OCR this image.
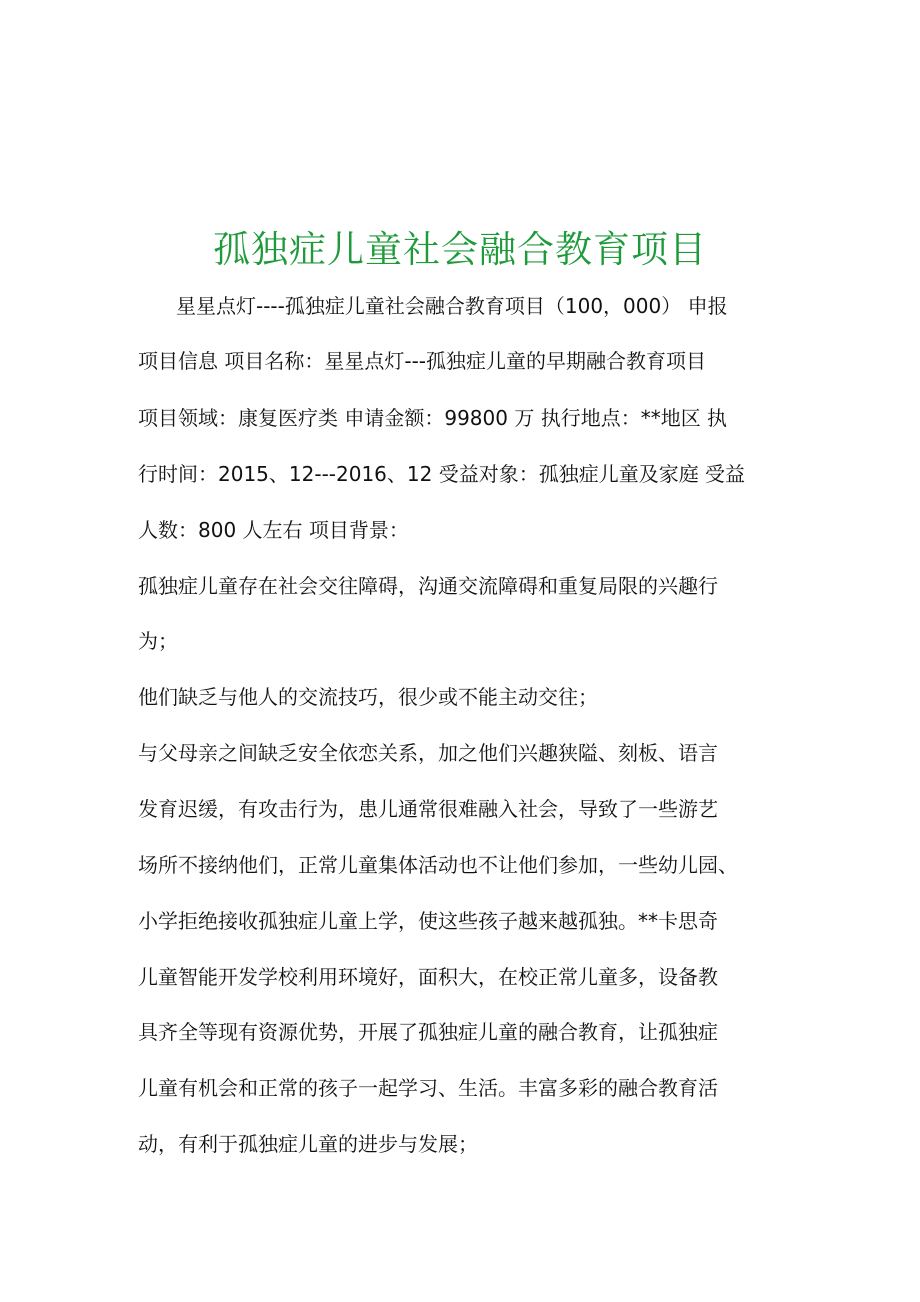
孤独症儿童社会融合教育项目

星星点灯----孤独症儿童社会融合教育项目（100，000） 申报

项目信息 项目名称：星星点灯---孤独症儿童的早期融合教育项目

项目领域：康复医疗类 申请金额：99800 万 执行地点：**地区 执

行时间：2015、12---2016、12 受益对象：孤独症儿童及家庭 受益

人数：800 人左右 项目背景：

孤独症儿童存在社会交往障碍，沟通交流障碍和重复局限的兴趣行

为；

他们缺乏与他人的交流技巧，很少或不能主动交往；

与父母亲之间缺乏安全依恋关系，加之他们兴趣狭隘、刻板、语言

发育迟缓，有攻击行为，患儿通常很难融入社会，导致了一些游艺

场所不接纳他们，正常儿童集体活动也不让他们参加，一些幼儿园、

小学拒绝接收孤独症儿童上学，使这些孩子越来越孤独。**卡思奇

儿童智能开发学校利用环境好，面积大，在校正常儿童多，设备教

具齐全等现有资源优势，开展了孤独症儿童的融合教育，让孤独症

儿童有机会和正常的孩子一起学习、生活。丰富多彩的融合教育活

动，有利于孤独症儿童的进步与发展；
